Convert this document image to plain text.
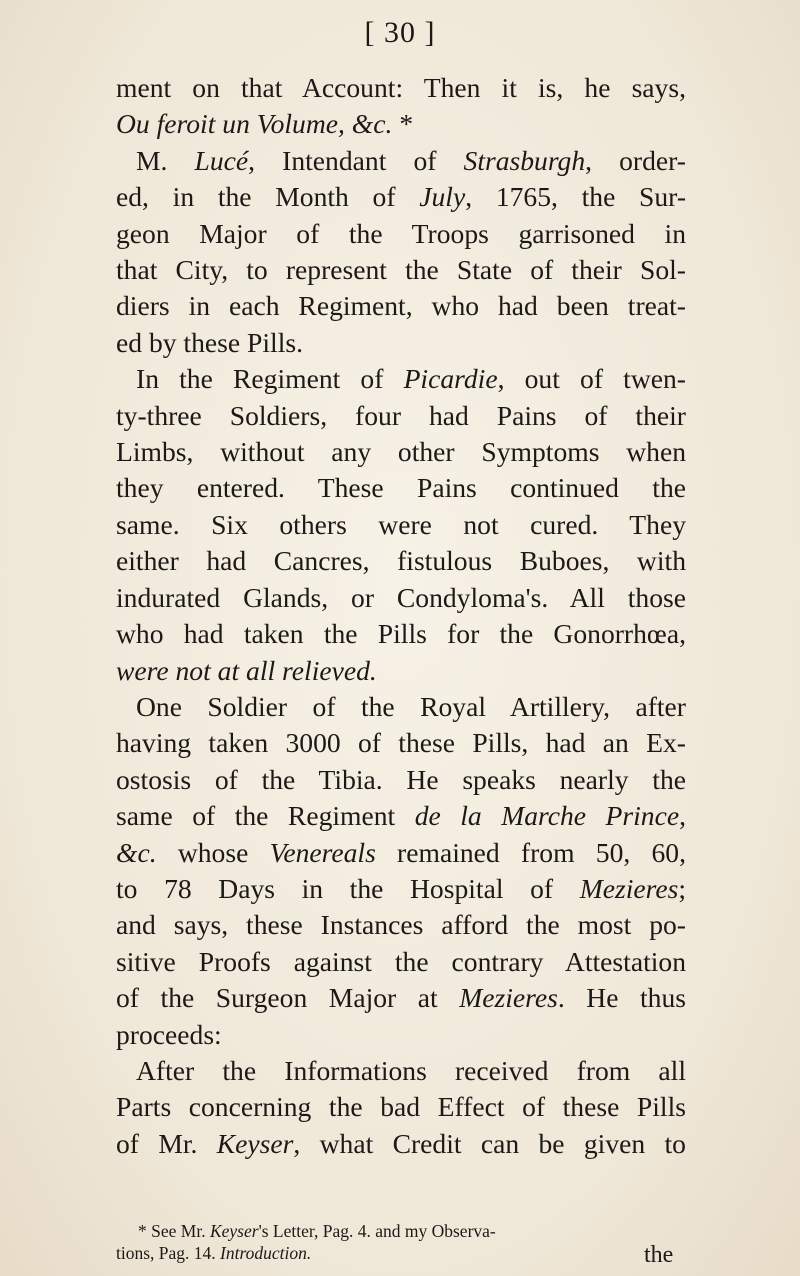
[ 30 ]
ment on that Account: Then it is, he says,
Ou feroit un Volume, &c. *
M. Lucé, Intendant of Strasburgh, order-
ed, in the Month of July, 1765, the Sur-
geon Major of the Troops garrisoned in
that City, to represent the State of their Sol-
diers in each Regiment, who had been treat-
ed by these Pills.
In the Regiment of Picardie, out of twen-
ty-three Soldiers, four had Pains of their
Limbs, without any other Symptoms when
they entered. These Pains continued the
same. Six others were not cured. They
either had Cancres, fistulous Buboes, with
indurated Glands, or Condyloma's. All those
who had taken the Pills for the Gonorrhœa,
were not at all relieved.
One Soldier of the Royal Artillery, after
having taken 3000 of these Pills, had an Ex-
ostosis of the Tibia. He speaks nearly the
same of the Regiment de la Marche Prince,
&c. whose Venereals remained from 50, 60,
to 78 Days in the Hospital of Mezieres;
and says, these Instances afford the most po-
sitive Proofs against the contrary Attestation
of the Surgeon Major at Mezieres. He thus
proceeds:
After the Informations received from all
Parts concerning the bad Effect of these Pills
of Mr. Keyser, what Credit can be given to
* See Mr. Keyser's Letter, Pag. 4. and my Observa-
tions, Pag. 14. Introduction.	the
